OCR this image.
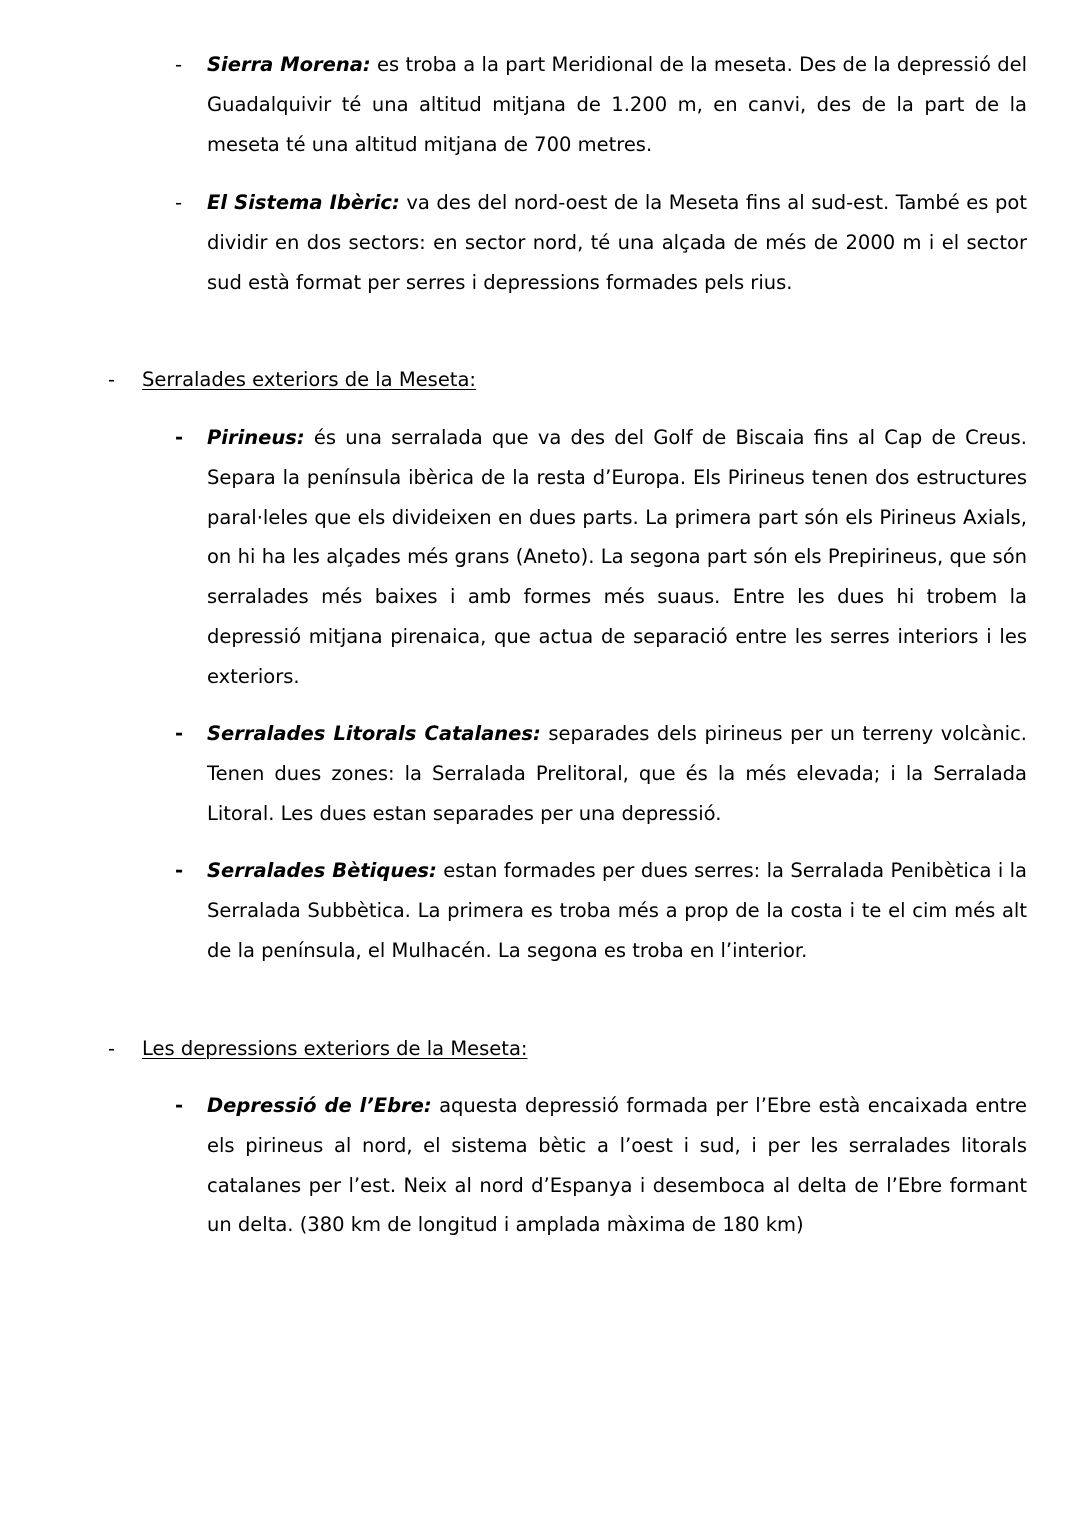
- Sierra Morena: es troba a la part Meridional de la meseta. Des de la depressió del Guadalquivir té una altitud mitjana de 1.200 m, en canvi, des de la part de la meseta té una altitud mitjana de 700 metres.

- El Sistema Ibèric: va des del nord-oest de la Meseta fins al sud-est. També es pot dividir en dos sectors: en sector nord, té una alçada de més de 2000 m i el sector sud està format per serres i depressions formades pels rius.

- Serralades exteriors de la Meseta:
- Pirineus: és una serralada que va des del Golf de Biscaia fins al Cap de Creus. Separa la península ibèrica de la resta d’Europa. Els Pirineus tenen dos estructures paral·leles que els divideixen en dues parts. La primera part són els Pirineus Axials, on hi ha les alçades més grans (Aneto). La segona part són els Prepirineus, que són serralades més baixes i amb formes més suaus. Entre les dues hi trobem la depressió mitjana pirenaica, que actua de separació entre les serres interiors i les exteriors.

- Serralades Litorals Catalanes: separades dels pirineus per un terreny volcànic. Tenen dues zones: la Serralada Prelitoral, que és la més elevada; i la Serralada Litoral. Les dues estan separades per una depressió.

- Serralades Bètiques: estan formades per dues serres: la Serralada Penibètica i la Serralada Subbètica. La primera es troba més a prop de la costa i te el cim més alt de la península, el Mulhacén. La segona es troba en l’interior.

- Les depressions exteriors de la Meseta:
- Depressió de l’Ebre: aquesta depressió formada per l’Ebre està encaixada entre els pirineus al nord, el sistema bètic a l’oest i sud, i per les serralades litorals catalanes per l’est. Neix al nord d’Espanya i desemboca al delta de l’Ebre formant un delta. (380 km de longitud i amplada màxima de 180 km)
